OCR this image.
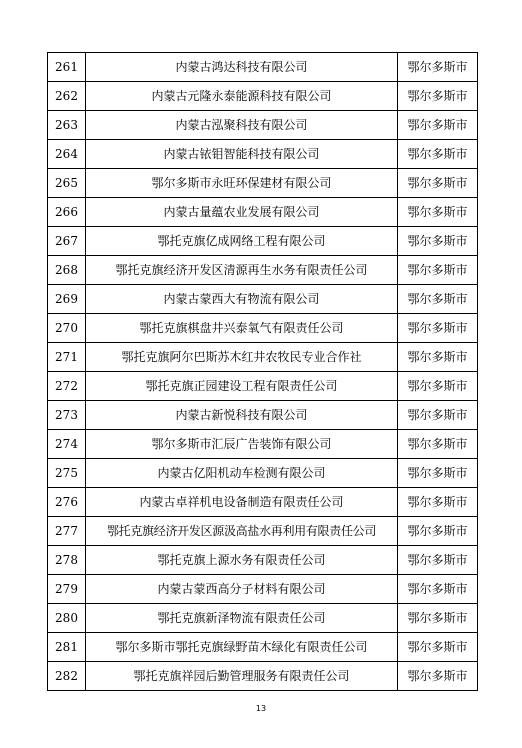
261	内蒙古鸿达科技有限公司	鄂尔多斯市
262	内蒙古元隆永泰能源科技有限公司	鄂尔多斯市
263	内蒙古泓聚科技有限公司	鄂尔多斯市
264	内蒙古铱钼智能科技有限公司	鄂尔多斯市
265	鄂尔多斯市永旺环保建材有限公司	鄂尔多斯市
266	内蒙古量蕴农业发展有限公司	鄂尔多斯市
267	鄂托克旗亿成网络工程有限公司	鄂尔多斯市
268	鄂托克旗经济开发区清源再生水务有限责任公司	鄂尔多斯市
269	内蒙古蒙西大有物流有限公司	鄂尔多斯市
270	鄂托克旗棋盘井兴泰氧气有限责任公司	鄂尔多斯市
271	鄂托克旗阿尔巴斯苏木红井农牧民专业合作社	鄂尔多斯市
272	鄂托克旗正园建设工程有限责任公司	鄂尔多斯市
273	内蒙古新悦科技有限公司	鄂尔多斯市
274	鄂尔多斯市汇辰广告装饰有限公司	鄂尔多斯市
275	内蒙古亿阳机动车检测有限公司	鄂尔多斯市
276	内蒙古卓祥机电设备制造有限责任公司	鄂尔多斯市
277	鄂托克旗经济开发区源汲高盐水再利用有限责任公司	鄂尔多斯市
278	鄂托克旗上源水务有限责任公司	鄂尔多斯市
279	内蒙古蒙西高分子材料有限公司	鄂尔多斯市
280	鄂托克旗新泽物流有限责任公司	鄂尔多斯市
281	鄂尔多斯市鄂托克旗绿野苗木绿化有限责任公司	鄂尔多斯市
282	鄂托克旗祥园后勤管理服务有限责任公司	鄂尔多斯市
13
